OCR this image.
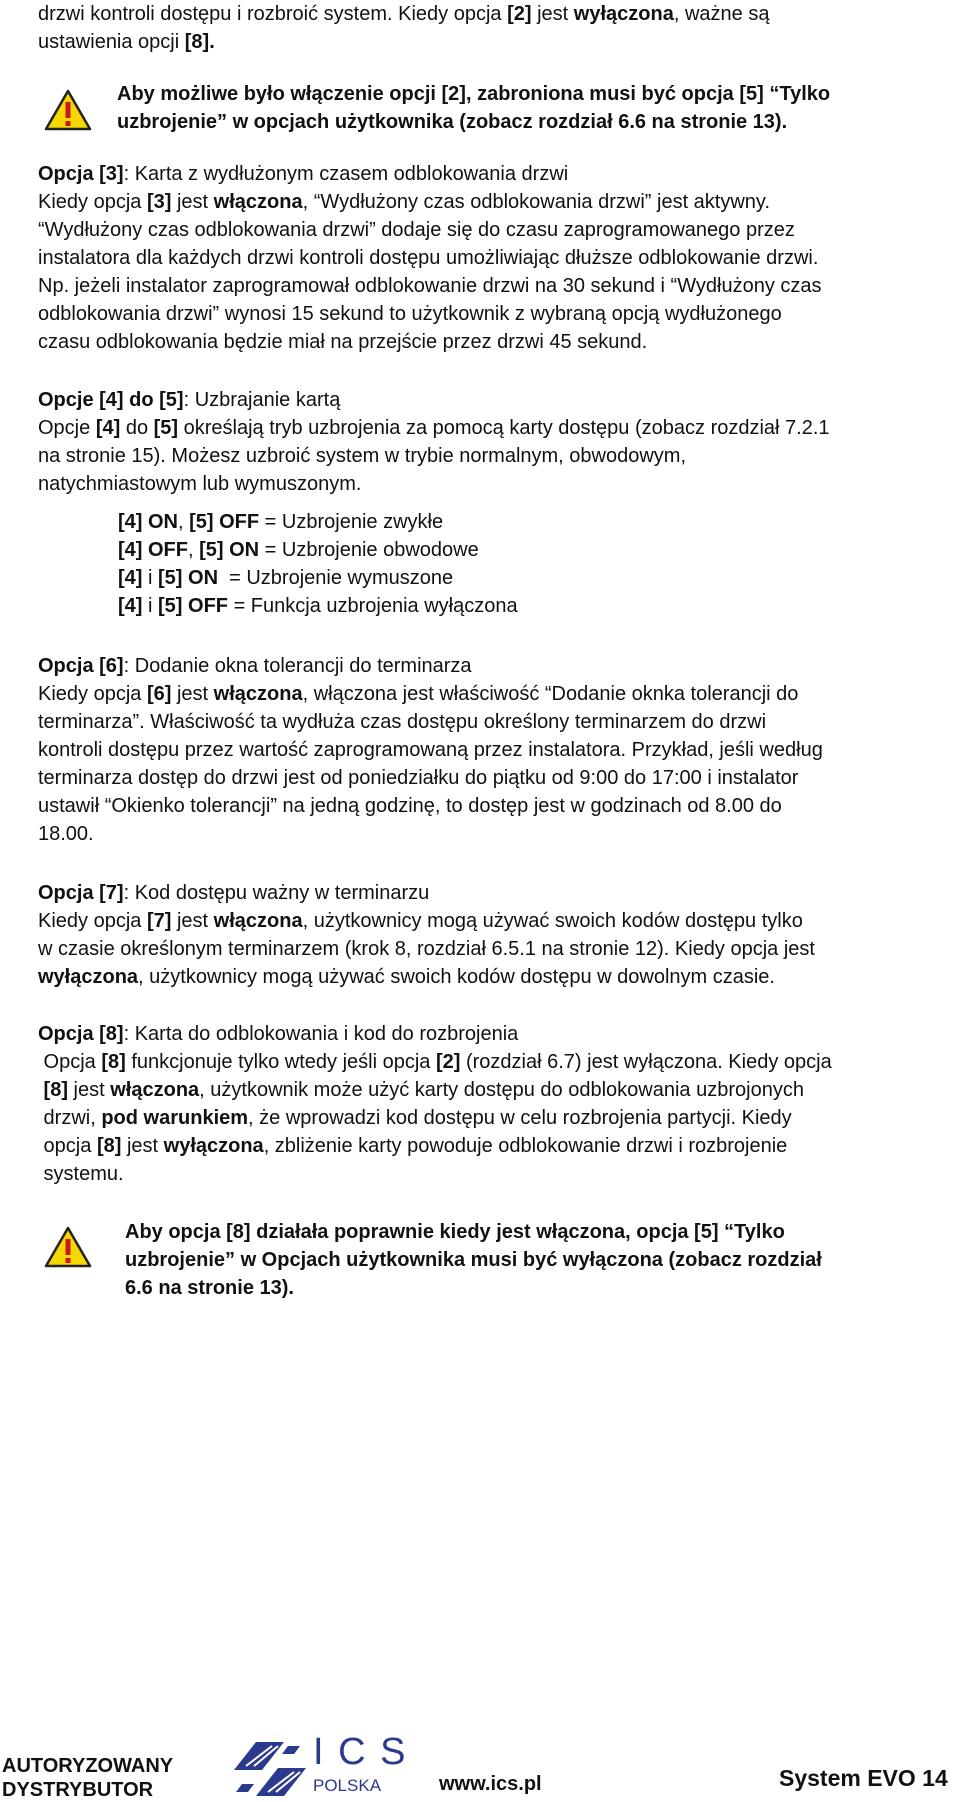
drzwi kontroli dostępu i rozbroić system. Kiedy opcja [2] jest wyłączona, ważne są

ustawienia opcji [8].

Aby możliwe było włączenie opcji [2], zabroniona musi być opcja [5] “Tylko

uzbrojenie” w opcjach użytkownika (zobacz rozdział 6.6 na stronie 13).

Opcja [3]: Karta z wydłużonym czasem odblokowania drzwi

Kiedy opcja [3] jest włączona, “Wydłużony czas odblokowania drzwi” jest aktywny.

“Wydłużony czas odblokowania drzwi” dodaje się do czasu zaprogramowanego przez

instalatora dla każdych drzwi kontroli dostępu umożliwiając dłuższe odblokowanie drzwi.

Np. jeżeli instalator zaprogramował odblokowanie drzwi na 30 sekund i “Wydłużony czas

odblokowania drzwi” wynosi 15 sekund to użytkownik z wybraną opcją wydłużonego

czasu odblokowania będzie miał na przejście przez drzwi 45 sekund.

Opcje [4] do [5]: Uzbrajanie kartą

Opcje [4] do [5] określają tryb uzbrojenia za pomocą karty dostępu (zobacz rozdział 7.2.1

na stronie 15). Możesz uzbroić system w trybie normalnym, obwodowym,

natychmiastowym lub wymuszonym.

[4] ON, [5] OFF = Uzbrojenie zwykłe

[4] OFF, [5] ON = Uzbrojenie obwodowe

[4] i [5] ON  = Uzbrojenie wymuszone

[4] i [5] OFF = Funkcja uzbrojenia wyłączona

Opcja [6]: Dodanie okna tolerancji do terminarza

Kiedy opcja [6] jest włączona, włączona jest właściwość “Dodanie oknka tolerancji do

terminarza”. Właściwość ta wydłuża czas dostępu określony terminarzem do drzwi

kontroli dostępu przez wartość zaprogramowaną przez instalatora. Przykład, jeśli według

terminarza dostęp do drzwi jest od poniedziałku do piątku od 9:00 do 17:00 i instalator

ustawił “Okienko tolerancji” na jedną godzinę, to dostęp jest w godzinach od 8.00 do

18.00.

Opcja [7]: Kod dostępu ważny w terminarzu

Kiedy opcja [7] jest włączona, użytkownicy mogą używać swoich kodów dostępu tylko

w czasie określonym terminarzem (krok 8, rozdział 6.5.1 na stronie 12). Kiedy opcja jest

wyłączona, użytkownicy mogą używać swoich kodów dostępu w dowolnym czasie.

Opcja [8]: Karta do odblokowania i kod do rozbrojenia

Opcja [8] funkcjonuje tylko wtedy jeśli opcja [2] (rozdział 6.7) jest wyłączona. Kiedy opcja

[8] jest włączona, użytkownik może użyć karty dostępu do odblokowania uzbrojonych

drzwi, pod warunkiem, że wprowadzi kod dostępu w celu rozbrojenia partycji. Kiedy

opcja [8] jest wyłączona, zbliżenie karty powoduje odblokowanie drzwi i rozbrojenie

systemu.

Aby opcja [8] działała poprawnie kiedy jest włączona, opcja [5] “Tylko

uzbrojenie” w Opcjach użytkownika musi być wyłączona (zobacz rozdział

6.6 na stronie 13).

AUTORYZOWANY
DYSTRYBUTOR
I C S
POLSKA	www.ics.pl	System EVO 14
